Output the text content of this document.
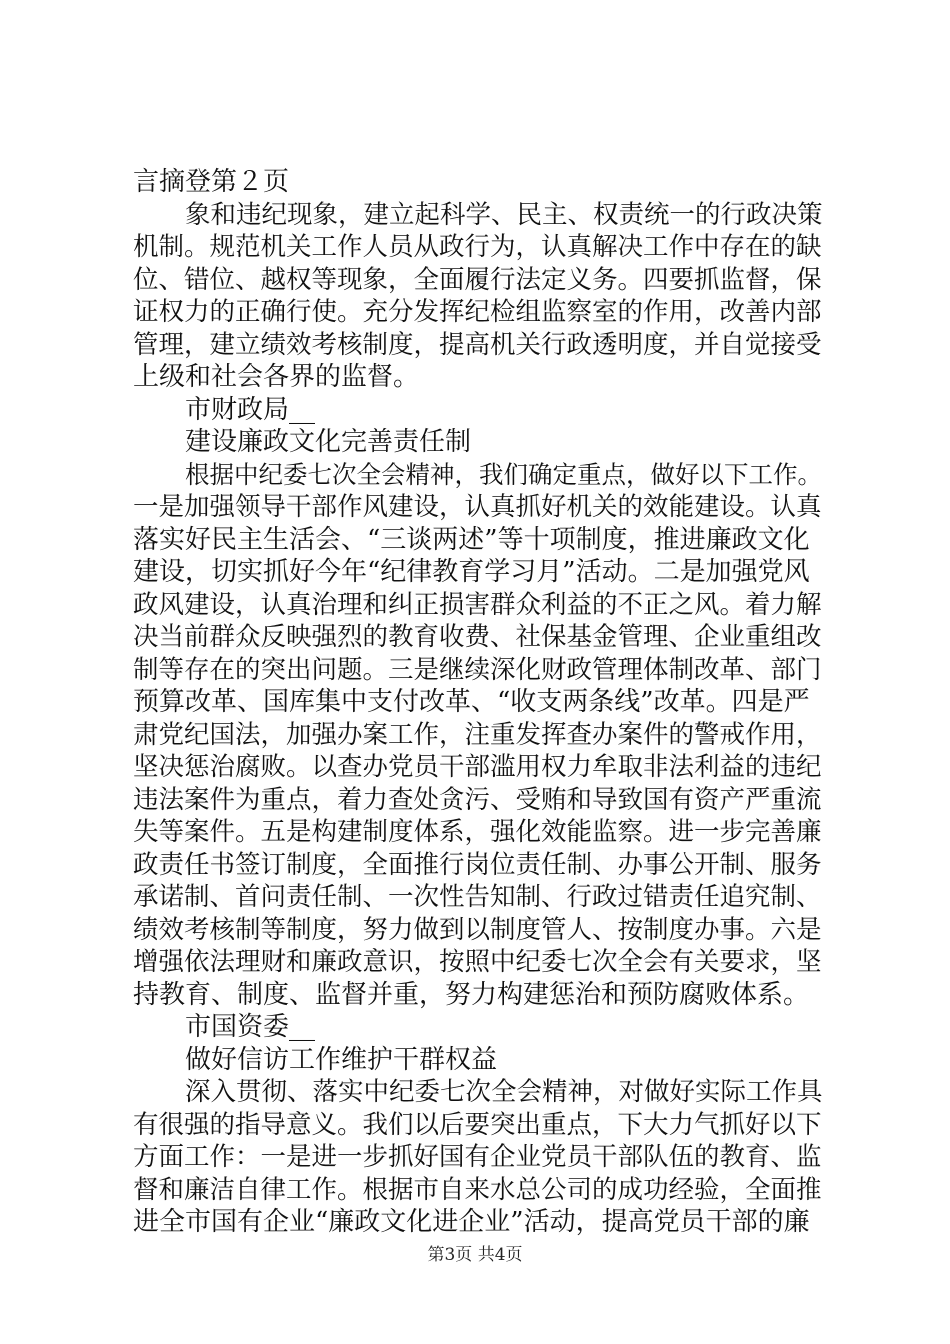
言摘登第２页

象和违纪现象，建立起科学、民主、权责统一的行政决策

机制。规范机关工作人员从政行为，认真解决工作中存在的缺

位、错位、越权等现象，全面履行法定义务。四要抓监督，保

证权力的正确行使。充分发挥纪检组监察室的作用，改善内部

管理，建立绩效考核制度，提高机关行政透明度，并自觉接受

上级和社会各界的监督。

市财政局__

建设廉政文化完善责任制

根据中纪委七次全会精神，我们确定重点，做好以下工作。

一是加强领导干部作风建设，认真抓好机关的效能建设。认真

落实好民主生活会、“三谈两述”等十项制度，推进廉政文化

建设，切实抓好今年“纪律教育学习月”活动。二是加强党风

政风建设，认真治理和纠正损害群众利益的不正之风。着力解

决当前群众反映强烈的教育收费、社保基金管理、企业重组改

制等存在的突出问题。三是继续深化财政管理体制改革、部门

预算改革、国库集中支付改革、“收支两条线”改革。四是严

肃党纪国法，加强办案工作，注重发挥查办案件的警戒作用，

坚决惩治腐败。以查办党员干部滥用权力牟取非法利益的违纪

违法案件为重点，着力查处贪污、受贿和导致国有资产严重流

失等案件。五是构建制度体系，强化效能监察。进一步完善廉

政责任书签订制度，全面推行岗位责任制、办事公开制、服务

承诺制、首问责任制、一次性告知制、行政过错责任追究制、

绩效考核制等制度，努力做到以制度管人、按制度办事。六是

增强依法理财和廉政意识，按照中纪委七次全会有关要求，坚

持教育、制度、监督并重，努力构建惩治和预防腐败体系。

市国资委__

做好信访工作维护干群权益

深入贯彻、落实中纪委七次全会精神，对做好实际工作具

有很强的指导意义。我们以后要突出重点，下大力气抓好以下

方面工作：一是进一步抓好国有企业党员干部队伍的教育、监

督和廉洁自律工作。根据市自来水总公司的成功经验，全面推

进全市国有企业“廉政文化进企业”活动，提高党员干部的廉

第3页 共4页
